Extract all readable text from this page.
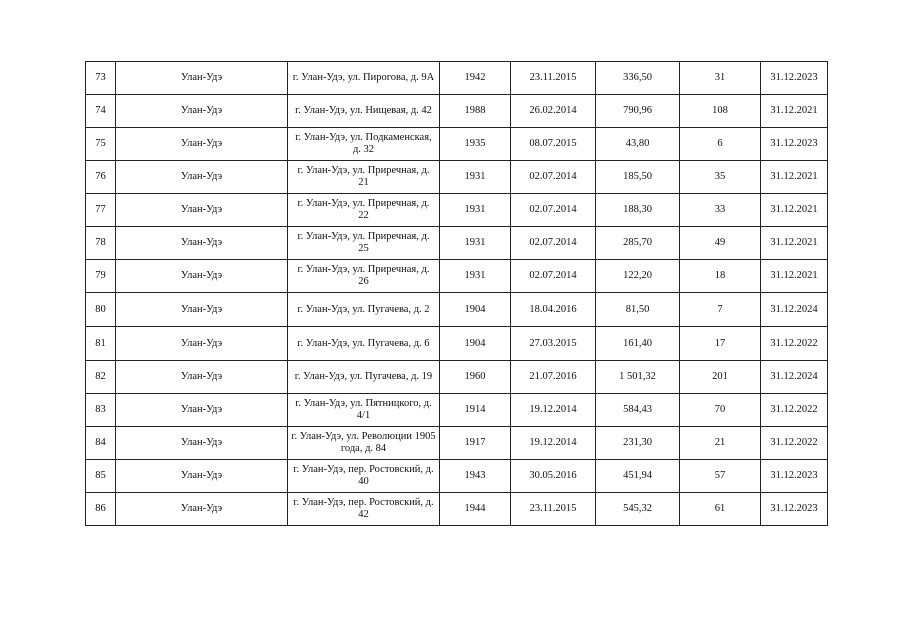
73	Улан-Удэ	г. Улан-Удэ, ул. Пирогова, д. 9А	1942	23.11.2015	336,50	31	31.12.2023
74	Улан-Удэ	г. Улан-Удэ, ул. Нищевая, д. 42	1988	26.02.2014	790,96	108	31.12.2021
75	Улан-Удэ	г. Улан-Удэ, ул. Подкаменская, д. 32	1935	08.07.2015	43,80	6	31.12.2023
76	Улан-Удэ	г. Улан-Удэ, ул. Приречная, д. 21	1931	02.07.2014	185,50	35	31.12.2021
77	Улан-Удэ	г. Улан-Удэ, ул. Приречная, д. 22	1931	02.07.2014	188,30	33	31.12.2021
78	Улан-Удэ	г. Улан-Удэ, ул. Приречная, д. 25	1931	02.07.2014	285,70	49	31.12.2021
79	Улан-Удэ	г. Улан-Удэ, ул. Приречная, д. 26	1931	02.07.2014	122,20	18	31.12.2021
80	Улан-Удэ	г. Улан-Удэ, ул. Пугачева, д. 2	1904	18.04.2016	81,50	7	31.12.2024
81	Улан-Удэ	г. Улан-Удэ, ул. Пугачева, д. 6	1904	27.03.2015	161,40	17	31.12.2022
82	Улан-Удэ	г. Улан-Удэ, ул. Пугачева, д. 19	1960	21.07.2016	1 501,32	201	31.12.2024
83	Улан-Удэ	г. Улан-Удэ, ул. Пятницкого, д. 4/1	1914	19.12.2014	584,43	70	31.12.2022
84	Улан-Удэ	г. Улан-Удэ, ул. Революции 1905 года, д. 84	1917	19.12.2014	231,30	21	31.12.2022
85	Улан-Удэ	г. Улан-Удэ, пер. Ростовский, д. 40	1943	30.05.2016	451,94	57	31.12.2023
86	Улан-Удэ	г. Улан-Удэ, пер. Ростовский, д. 42	1944	23.11.2015	545,32	61	31.12.2023
